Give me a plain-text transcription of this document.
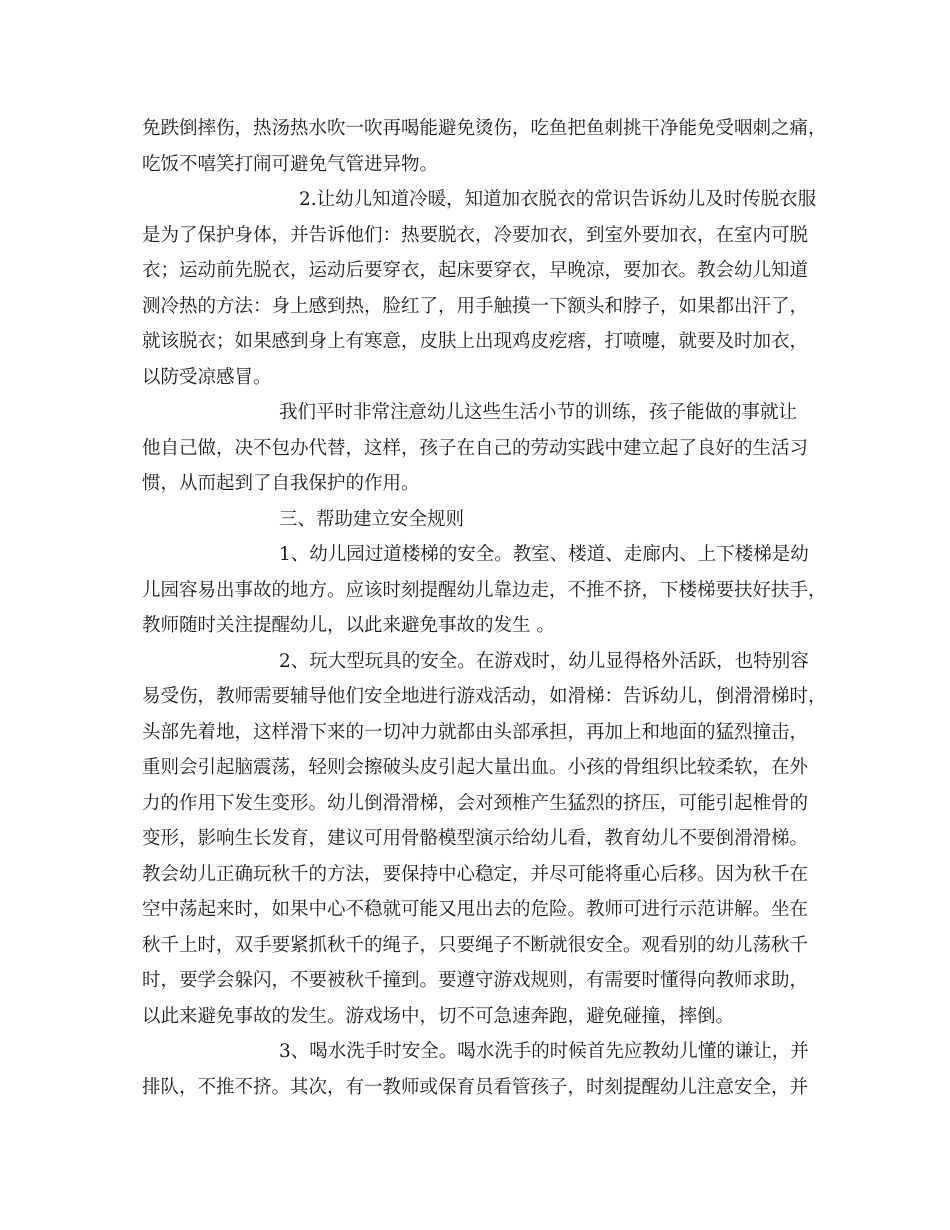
免跌倒摔伤，热汤热水吹一吹再喝能避免烫伤，吃鱼把鱼刺挑干净能免受咽刺之痛，
吃饭不嘻笑打闹可避免气管进异物。
2.让幼儿知道冷暖，知道加衣脱衣的常识告诉幼儿及时传脱衣服
是为了保护身体，并告诉他们：热要脱衣，冷要加衣，到室外要加衣，在室内可脱
衣；运动前先脱衣，运动后要穿衣，起床要穿衣，早晚凉，要加衣。教会幼儿知道
测冷热的方法：身上感到热，脸红了，用手触摸一下额头和脖子，如果都出汗了，
就该脱衣；如果感到身上有寒意，皮肤上出现鸡皮疙瘩，打喷嚏，就要及时加衣，
以防受凉感冒。
我们平时非常注意幼儿这些生活小节的训练，孩子能做的事就让
他自己做，决不包办代替，这样，孩子在自己的劳动实践中建立起了良好的生活习
惯，从而起到了自我保护的作用。
三、帮助建立安全规则
1、幼儿园过道楼梯的安全。教室、楼道、走廊内、上下楼梯是幼
儿园容易出事故的地方。应该时刻提醒幼儿靠边走，不推不挤，下楼梯要扶好扶手，
教师随时关注提醒幼儿，以此来避免事故的发生 。
2、玩大型玩具的安全。在游戏时，幼儿显得格外活跃，也特别容
易受伤，教师需要辅导他们安全地进行游戏活动，如滑梯：告诉幼儿，倒滑滑梯时，
头部先着地，这样滑下来的一切冲力就都由头部承担，再加上和地面的猛烈撞击，
重则会引起脑震荡，轻则会擦破头皮引起大量出血。小孩的骨组织比较柔软，在外
力的作用下发生变形。幼儿倒滑滑梯，会对颈椎产生猛烈的挤压，可能引起椎骨的
变形，影响生长发育，建议可用骨骼模型演示给幼儿看，教育幼儿不要倒滑滑梯。
教会幼儿正确玩秋千的方法，要保持中心稳定，并尽可能将重心后移。因为秋千在
空中荡起来时，如果中心不稳就可能又甩出去的危险。教师可进行示范讲解。坐在
秋千上时，双手要紧抓秋千的绳子，只要绳子不断就很安全。观看别的幼儿荡秋千
时，要学会躲闪，不要被秋千撞到。要遵守游戏规则，有需要时懂得向教师求助，
以此来避免事故的发生。游戏场中，切不可急速奔跑，避免碰撞，摔倒。
3、喝水洗手时安全。喝水洗手的时候首先应教幼儿懂的谦让，并
排队，不推不挤。其次，有一教师或保育员看管孩子，时刻提醒幼儿注意安全，并
